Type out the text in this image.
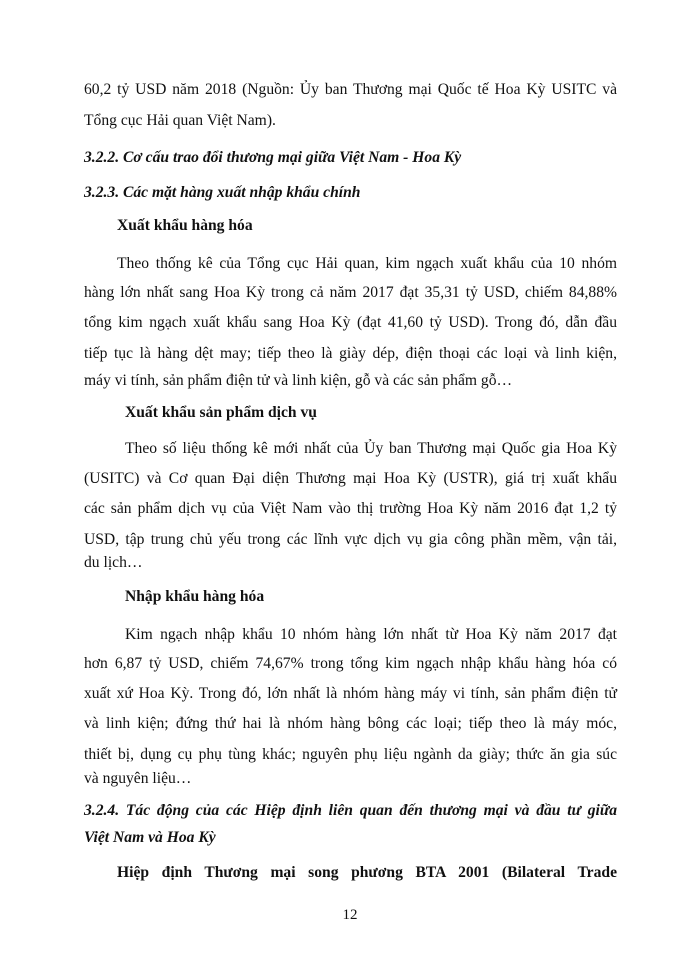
60,2 tỷ USD năm 2018 (Nguồn: Ủy ban Thương mại Quốc tế Hoa Kỳ USITC và
Tổng cục Hải quan Việt Nam).
3.2.2. Cơ cấu trao đổi thương mại giữa Việt Nam - Hoa Kỳ
3.2.3. Các mặt hàng xuất nhập khẩu chính
Xuất khẩu hàng hóa
Theo thống kê của Tổng cục Hải quan, kim ngạch xuất khẩu của 10 nhóm
hàng lớn nhất sang Hoa Kỳ trong cả năm 2017 đạt 35,31 tỷ USD, chiếm 84,88%
tổng kim ngạch xuất khẩu sang Hoa Kỳ (đạt 41,60 tỷ USD). Trong đó, dẫn đầu
tiếp tục là hàng dệt may; tiếp theo là giày dép, điện thoại các loại và linh kiện,
máy vi tính, sản phẩm điện tử và linh kiện, gỗ và các sản phẩm gỗ…
Xuất khẩu sản phẩm dịch vụ
Theo số liệu thống kê mới nhất của Ủy ban Thương mại Quốc gia Hoa Kỳ
(USITC) và Cơ quan Đại diện Thương mại Hoa Kỳ (USTR), giá trị xuất khẩu
các sản phẩm dịch vụ của Việt Nam vào thị trường Hoa Kỳ năm 2016 đạt 1,2 tỷ
USD, tập trung chủ yếu trong các lĩnh vực dịch vụ gia công phần mềm, vận tải,
du lịch…
Nhập khẩu hàng hóa
Kim ngạch nhập khẩu 10 nhóm hàng lớn nhất từ Hoa Kỳ năm 2017 đạt
hơn 6,87 tỷ USD, chiếm 74,67% trong tổng kim ngạch nhập khẩu hàng hóa có
xuất xứ Hoa Kỳ. Trong đó, lớn nhất là nhóm hàng máy vi tính, sản phẩm điện tử
và linh kiện; đứng thứ hai là nhóm hàng bông các loại; tiếp theo là máy móc,
thiết bị, dụng cụ phụ tùng khác; nguyên phụ liệu ngành da giày; thức ăn gia súc
và nguyên liệu…
3.2.4. Tác động của các Hiệp định liên quan đến thương mại và đầu tư giữa
Việt Nam và Hoa Kỳ
Hiệp định Thương mại song phương BTA 2001 (Bilateral Trade
12
